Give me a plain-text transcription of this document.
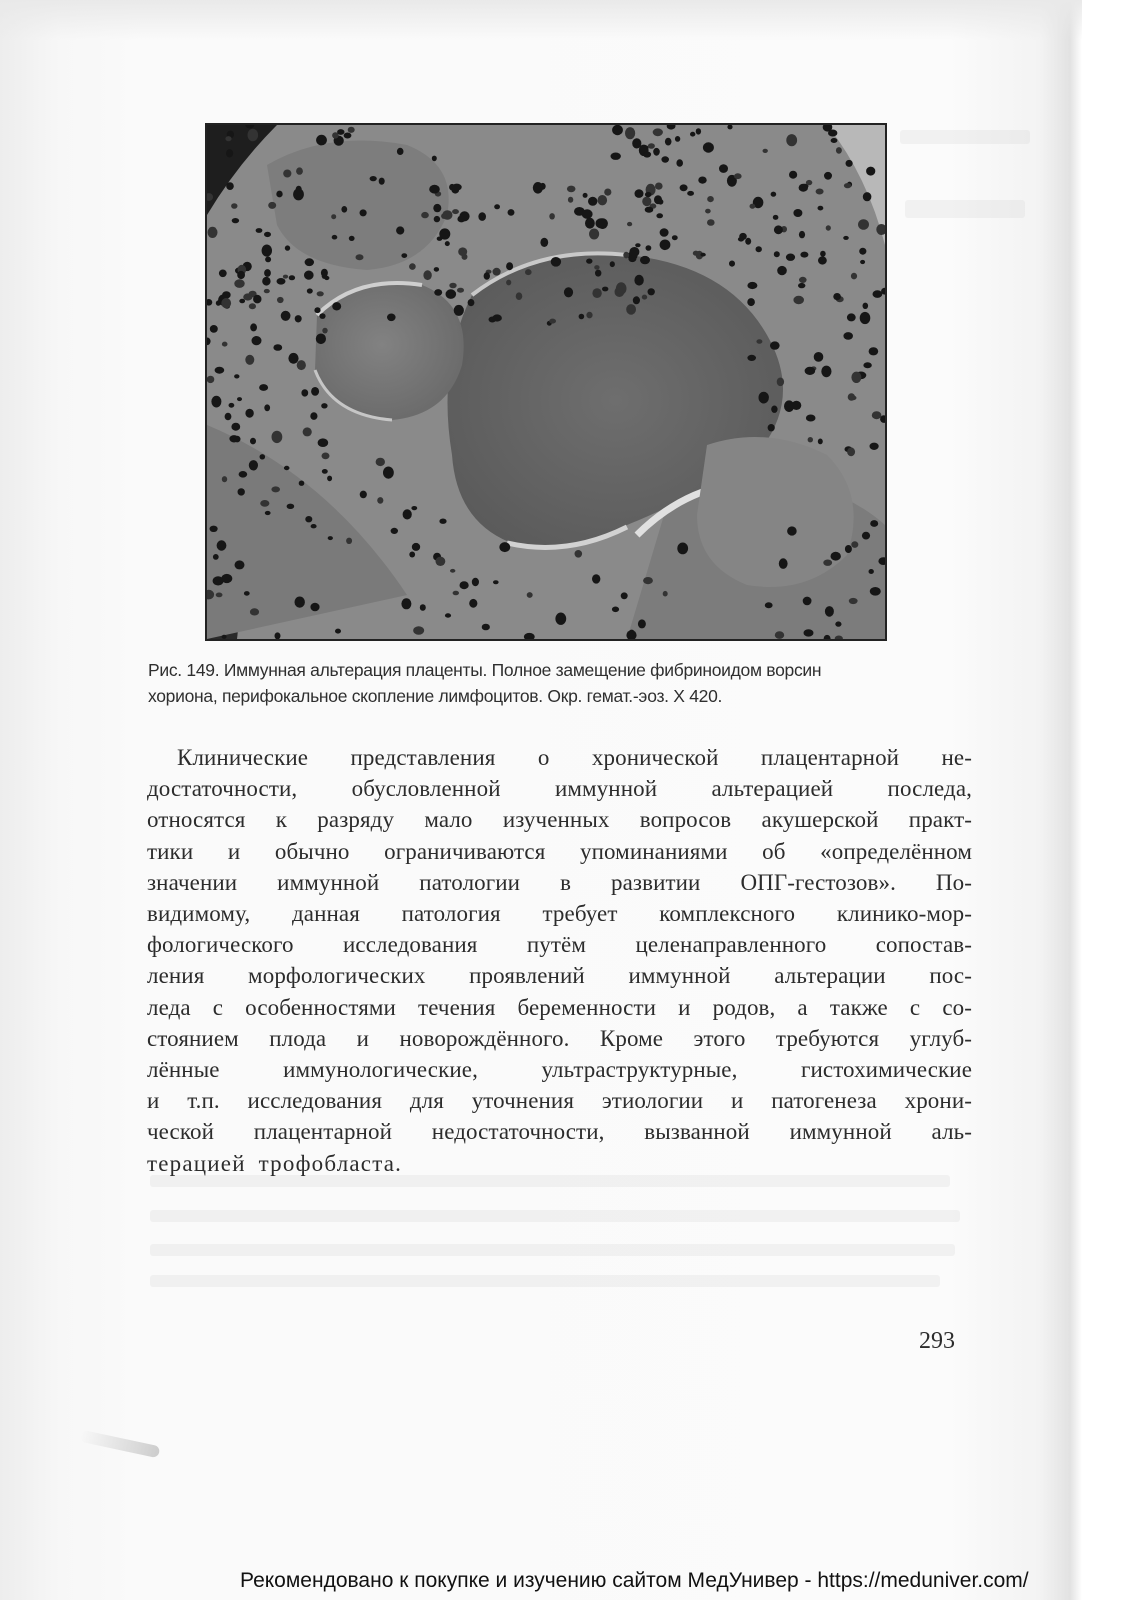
Рис. 149. Иммунная альтерация плаценты. Полное замещение фибриноидом ворсин
хориона, перифокальное скопление лимфоцитов. Окр. гемат.-эоз. Х 420.
Клинические представления о хронической плацентарной не-
достаточности, обусловленной иммунной альтерацией последа,
относятся к разряду мало изученных вопросов акушерской практ-
тики и обычно ограничиваются упоминаниями об «определённом
значении иммунной патологии в развитии ОПГ-гестозов». По-
видимому, данная патология требует комплексного клинико-мор-
фологического исследования путём целенаправленного сопостав-
ления морфологических проявлений иммунной альтерации пос-
леда с особенностями течения беременности и родов, а также с со-
стоянием плода и новорождённого. Кроме этого требуются углуб-
лённые иммунологические, ультраструктурные, гистохимические
и т.п. исследования для уточнения этиологии и патогенеза хрони-
ческой плацентарной недостаточности, вызванной иммунной аль-
терацией трофобласта.
293
Рекомендовано к покупке и изучению сайтом МедУнивер - https://meduniver.com/
